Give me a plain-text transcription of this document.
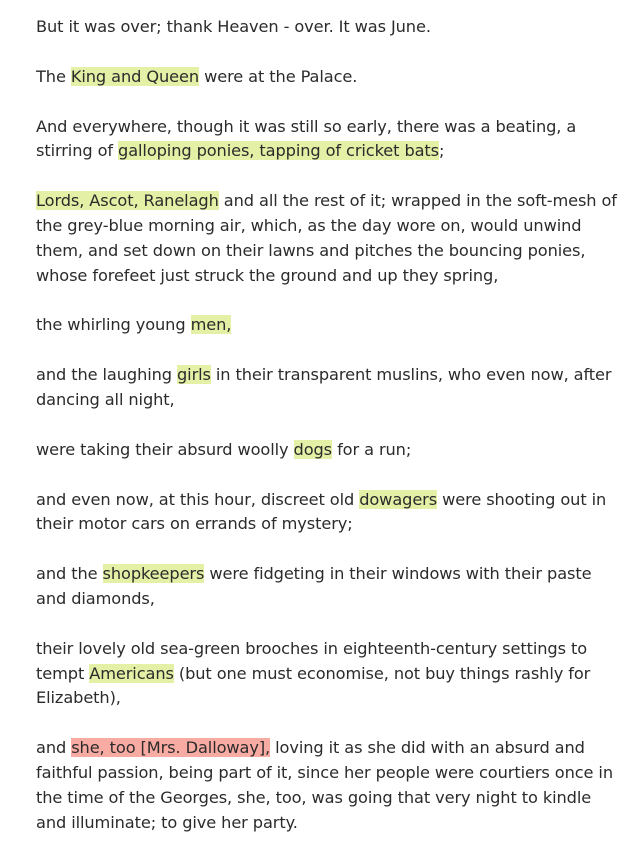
But it was over; thank Heaven - over. It was June.

The King and Queen were at the Palace.

And everywhere, though it was still so early, there was a beating, a stirring of galloping ponies, tapping of cricket bats;

Lords, Ascot, Ranelagh and all the rest of it; wrapped in the soft-mesh of the grey-blue morning air, which, as the day wore on, would unwind them, and set down on their lawns and pitches the bouncing ponies, whose forefeet just struck the ground and up they spring,

the whirling young men,

and the laughing girls in their transparent muslins, who even now, after dancing all night,

were taking their absurd woolly dogs for a run;

and even now, at this hour, discreet old dowagers were shooting out in their motor cars on errands of mystery;

and the shopkeepers were fidgeting in their windows with their paste and diamonds,

their lovely old sea-green brooches in eighteenth-century settings to tempt Americans (but one must economise, not buy things rashly for Elizabeth),

and she, too [Mrs. Dalloway], loving it as she did with an absurd and faithful passion, being part of it, since her people were courtiers once in the time of the Georges, she, too, was going that very night to kindle and illuminate; to give her party.
